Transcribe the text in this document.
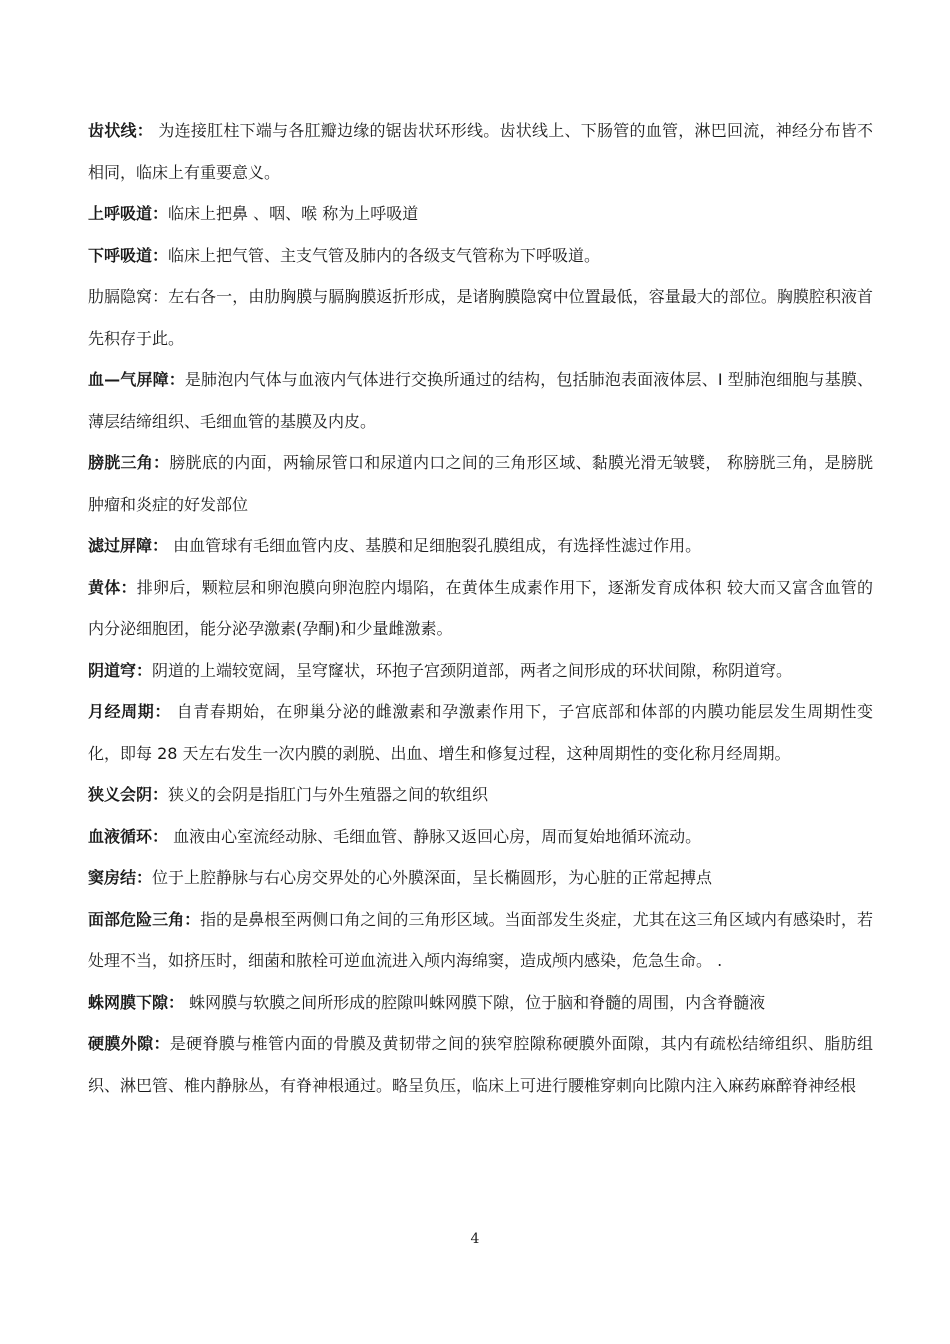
齿状线： 为连接肛柱下端与各肛瓣边缘的锯齿状环形线。齿状线上、下肠管的血管，淋巴回流，神经分布皆不相同，临床上有重要意义。

上呼吸道：临床上把鼻 、咽、喉 称为上呼吸道

下呼吸道：临床上把气管、主支气管及肺内的各级支气管称为下呼吸道。

肋膈隐窝：左右各一，由肋胸膜与膈胸膜返折形成，是诸胸膜隐窝中位置最低，容量最大的部位。胸膜腔积液首先积存于此。

血—气屏障：是肺泡内气体与血液内气体进行交换所通过的结构，包括肺泡表面液体层、I 型肺泡细胞与基膜、薄层结缔组织、毛细血管的基膜及内皮。

膀胱三角：膀胱底的内面，两输尿管口和尿道内口之间的三角形区域、黏膜光滑无皱襞， 称膀胱三角，是膀胱肿瘤和炎症的好发部位

滤过屏障： 由血管球有毛细血管内皮、基膜和足细胞裂孔膜组成，有选择性滤过作用。

黄体：排卵后，颗粒层和卵泡膜向卵泡腔内塌陷，在黄体生成素作用下，逐渐发育成体积 较大而又富含血管的内分泌细胞团，能分泌孕激素(孕酮)和少量雌激素。

阴道穹：阴道的上端较宽阔，呈穹窿状，环抱子宫颈阴道部，两者之间形成的环状间隙，称阴道穹。

月经周期： 自青春期始，在卵巢分泌的雌激素和孕激素作用下，子宫底部和体部的内膜功能层发生周期性变化，即每 28 天左右发生一次内膜的剥脱、出血、增生和修复过程，这种周期性的变化称月经周期。

狭义会阴：狭义的会阴是指肛门与外生殖器之间的软组织

血液循环： 血液由心室流经动脉、毛细血管、静脉又返回心房，周而复始地循环流动。

窦房结：位于上腔静脉与右心房交界处的心外膜深面，呈长椭圆形，为心脏的正常起搏点

面部危险三角：指的是鼻根至两侧口角之间的三角形区域。当面部发生炎症，尤其在这三角区域内有感染时，若处理不当，如挤压时，细菌和脓栓可逆血流进入颅内海绵窦，造成颅内感染，危急生命。 .

蛛网膜下隙： 蛛网膜与软膜之间所形成的腔隙叫蛛网膜下隙，位于脑和脊髓的周围，内含脊髓液

硬膜外隙：是硬脊膜与椎管内面的骨膜及黄韧带之间的狭窄腔隙称硬膜外面隙，其内有疏松结缔组织、脂肪组织、淋巴管、椎内静脉丛，有脊神根通过。略呈负压，临床上可进行腰椎穿刺向比隙内注入麻药麻醉脊神经根

4
